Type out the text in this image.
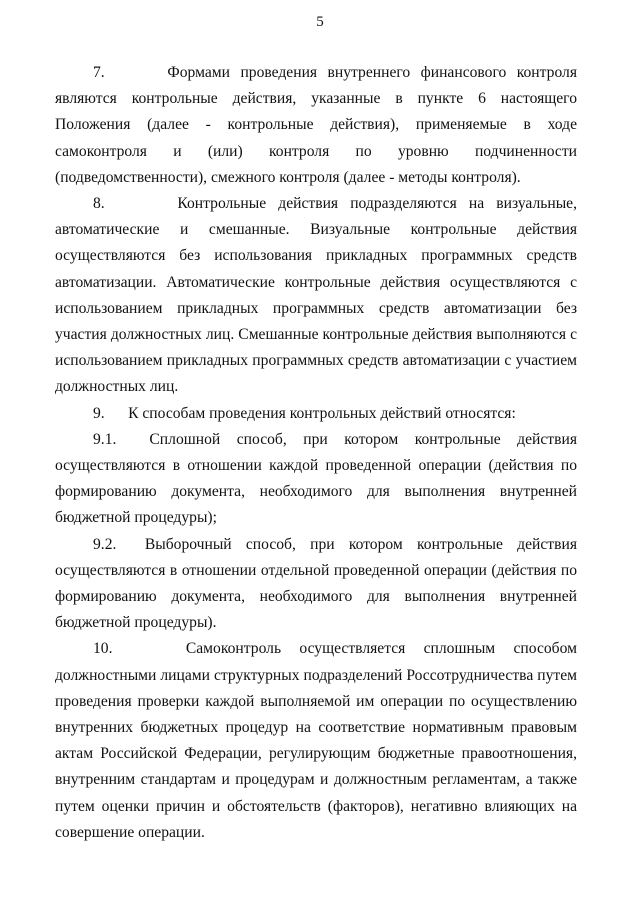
5

7.      Формами проведения внутреннего финансового контроля являются контрольные действия, указанные в пункте 6 настоящего Положения (далее - контрольные действия), применяемые в ходе самоконтроля и (или) контроля по уровню подчиненности (подведомственности), смежного контроля (далее - методы контроля).

8.      Контрольные действия подразделяются на визуальные, автоматические и смешанные. Визуальные контрольные действия осуществляются без использования прикладных программных средств автоматизации. Автоматические контрольные действия осуществляются с использованием прикладных программных средств автоматизации без участия должностных лиц. Смешанные контрольные действия выполняются с использованием прикладных программных средств автоматизации с участием должностных лиц.

9.      К способам проведения контрольных действий относятся:

9.1.  Сплошной способ, при котором контрольные действия осуществляются в отношении каждой проведенной операции (действия по формированию документа, необходимого для выполнения внутренней бюджетной процедуры);

9.2.  Выборочный способ, при котором контрольные действия осуществляются в отношении отдельной проведенной операции (действия по формированию документа, необходимого для выполнения внутренней бюджетной процедуры).

10.    Самоконтроль осуществляется сплошным способом должностными лицами структурных подразделений Россотрудничества путем проведения проверки каждой выполняемой им операции по осуществлению внутренних бюджетных процедур на соответствие нормативным правовым актам Российской Федерации, регулирующим бюджетные правоотношения, внутренним стандартам и процедурам и должностным регламентам, а также путем оценки причин и обстоятельств (факторов), негативно влияющих на совершение операции.
